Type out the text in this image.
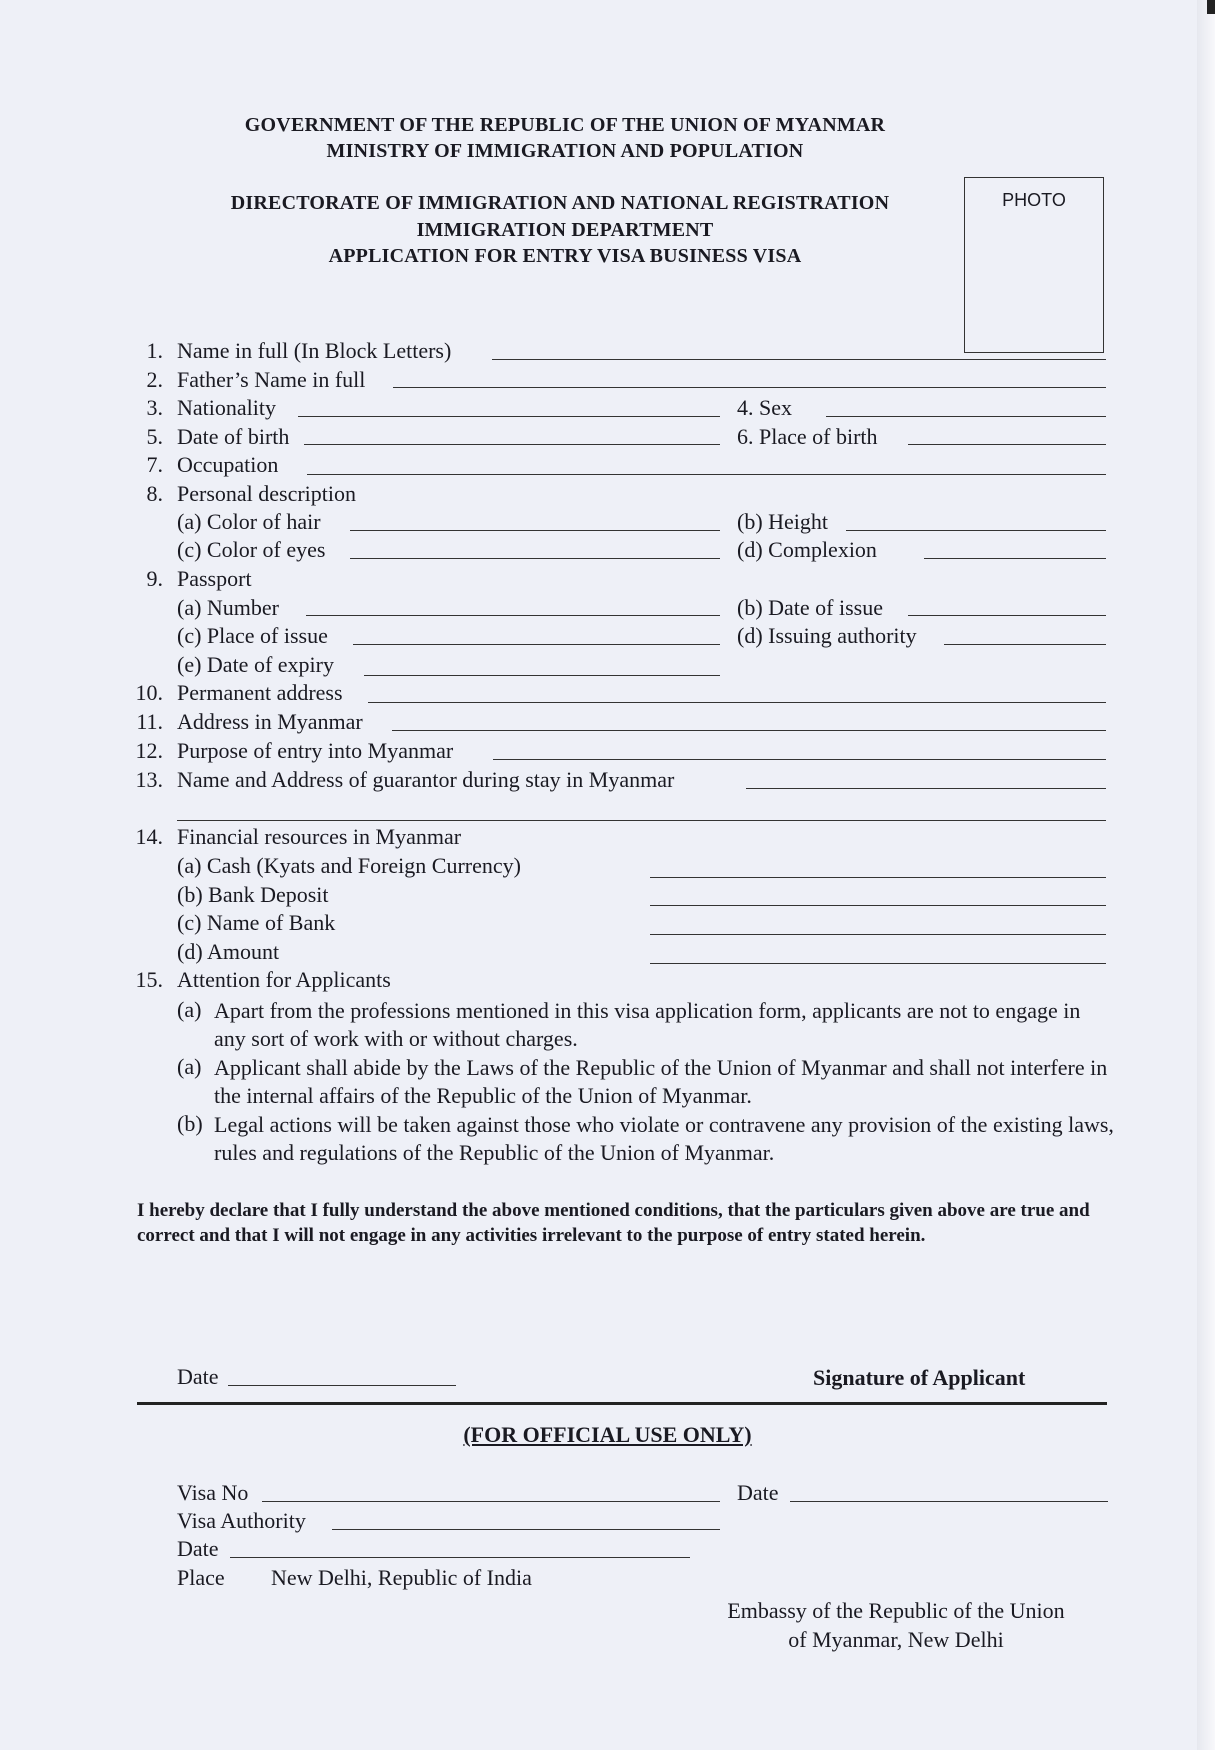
GOVERNMENT OF THE REPUBLIC OF THE UNION OF MYANMAR
MINISTRY OF IMMIGRATION AND POPULATION
DIRECTORATE OF IMMIGRATION AND NATIONAL REGISTRATION
IMMIGRATION DEPARTMENT
APPLICATION FOR ENTRY VISA BUSINESS VISA
PHOTO
1. Name in full (In Block Letters)
2. Father’s Name in full
3. Nationality	4. Sex
5. Date of birth	6. Place of birth
7. Occupation
8. Personal description
(a) Color of hair	(b) Height
(c) Color of eyes	(d) Complexion
9. Passport
(a) Number	(b) Date of issue
(c) Place of issue	(d) Issuing authority
(e) Date of expiry
10. Permanent address
11. Address in Myanmar
12. Purpose of entry into Myanmar
13. Name and Address of guarantor during stay in Myanmar
14. Financial resources in Myanmar
(a) Cash (Kyats and Foreign Currency)
(b) Bank Deposit
(c) Name of Bank
(d) Amount
15. Attention for Applicants
(a) Apart from the professions mentioned in this visa application form, applicants are not to engage in any sort of work with or without charges.
(a) Applicant shall abide by the Laws of the Republic of the Union of Myanmar and shall not interfere in the internal affairs of the Republic of the Union of Myanmar.
(b) Legal actions will be taken against those who violate or contravene any provision of the existing laws, rules and regulations of the Republic of the Union of Myanmar.
I hereby declare that I fully understand the above mentioned conditions, that the particulars given above are true and correct and that I will not engage in any activities irrelevant to the purpose of entry stated herein.
Date	Signature of Applicant
(FOR OFFICIAL USE ONLY)
Visa No	Date
Visa Authority
Date
Place New Delhi, Republic of India
Embassy of the Republic of the Union
of Myanmar, New Delhi
